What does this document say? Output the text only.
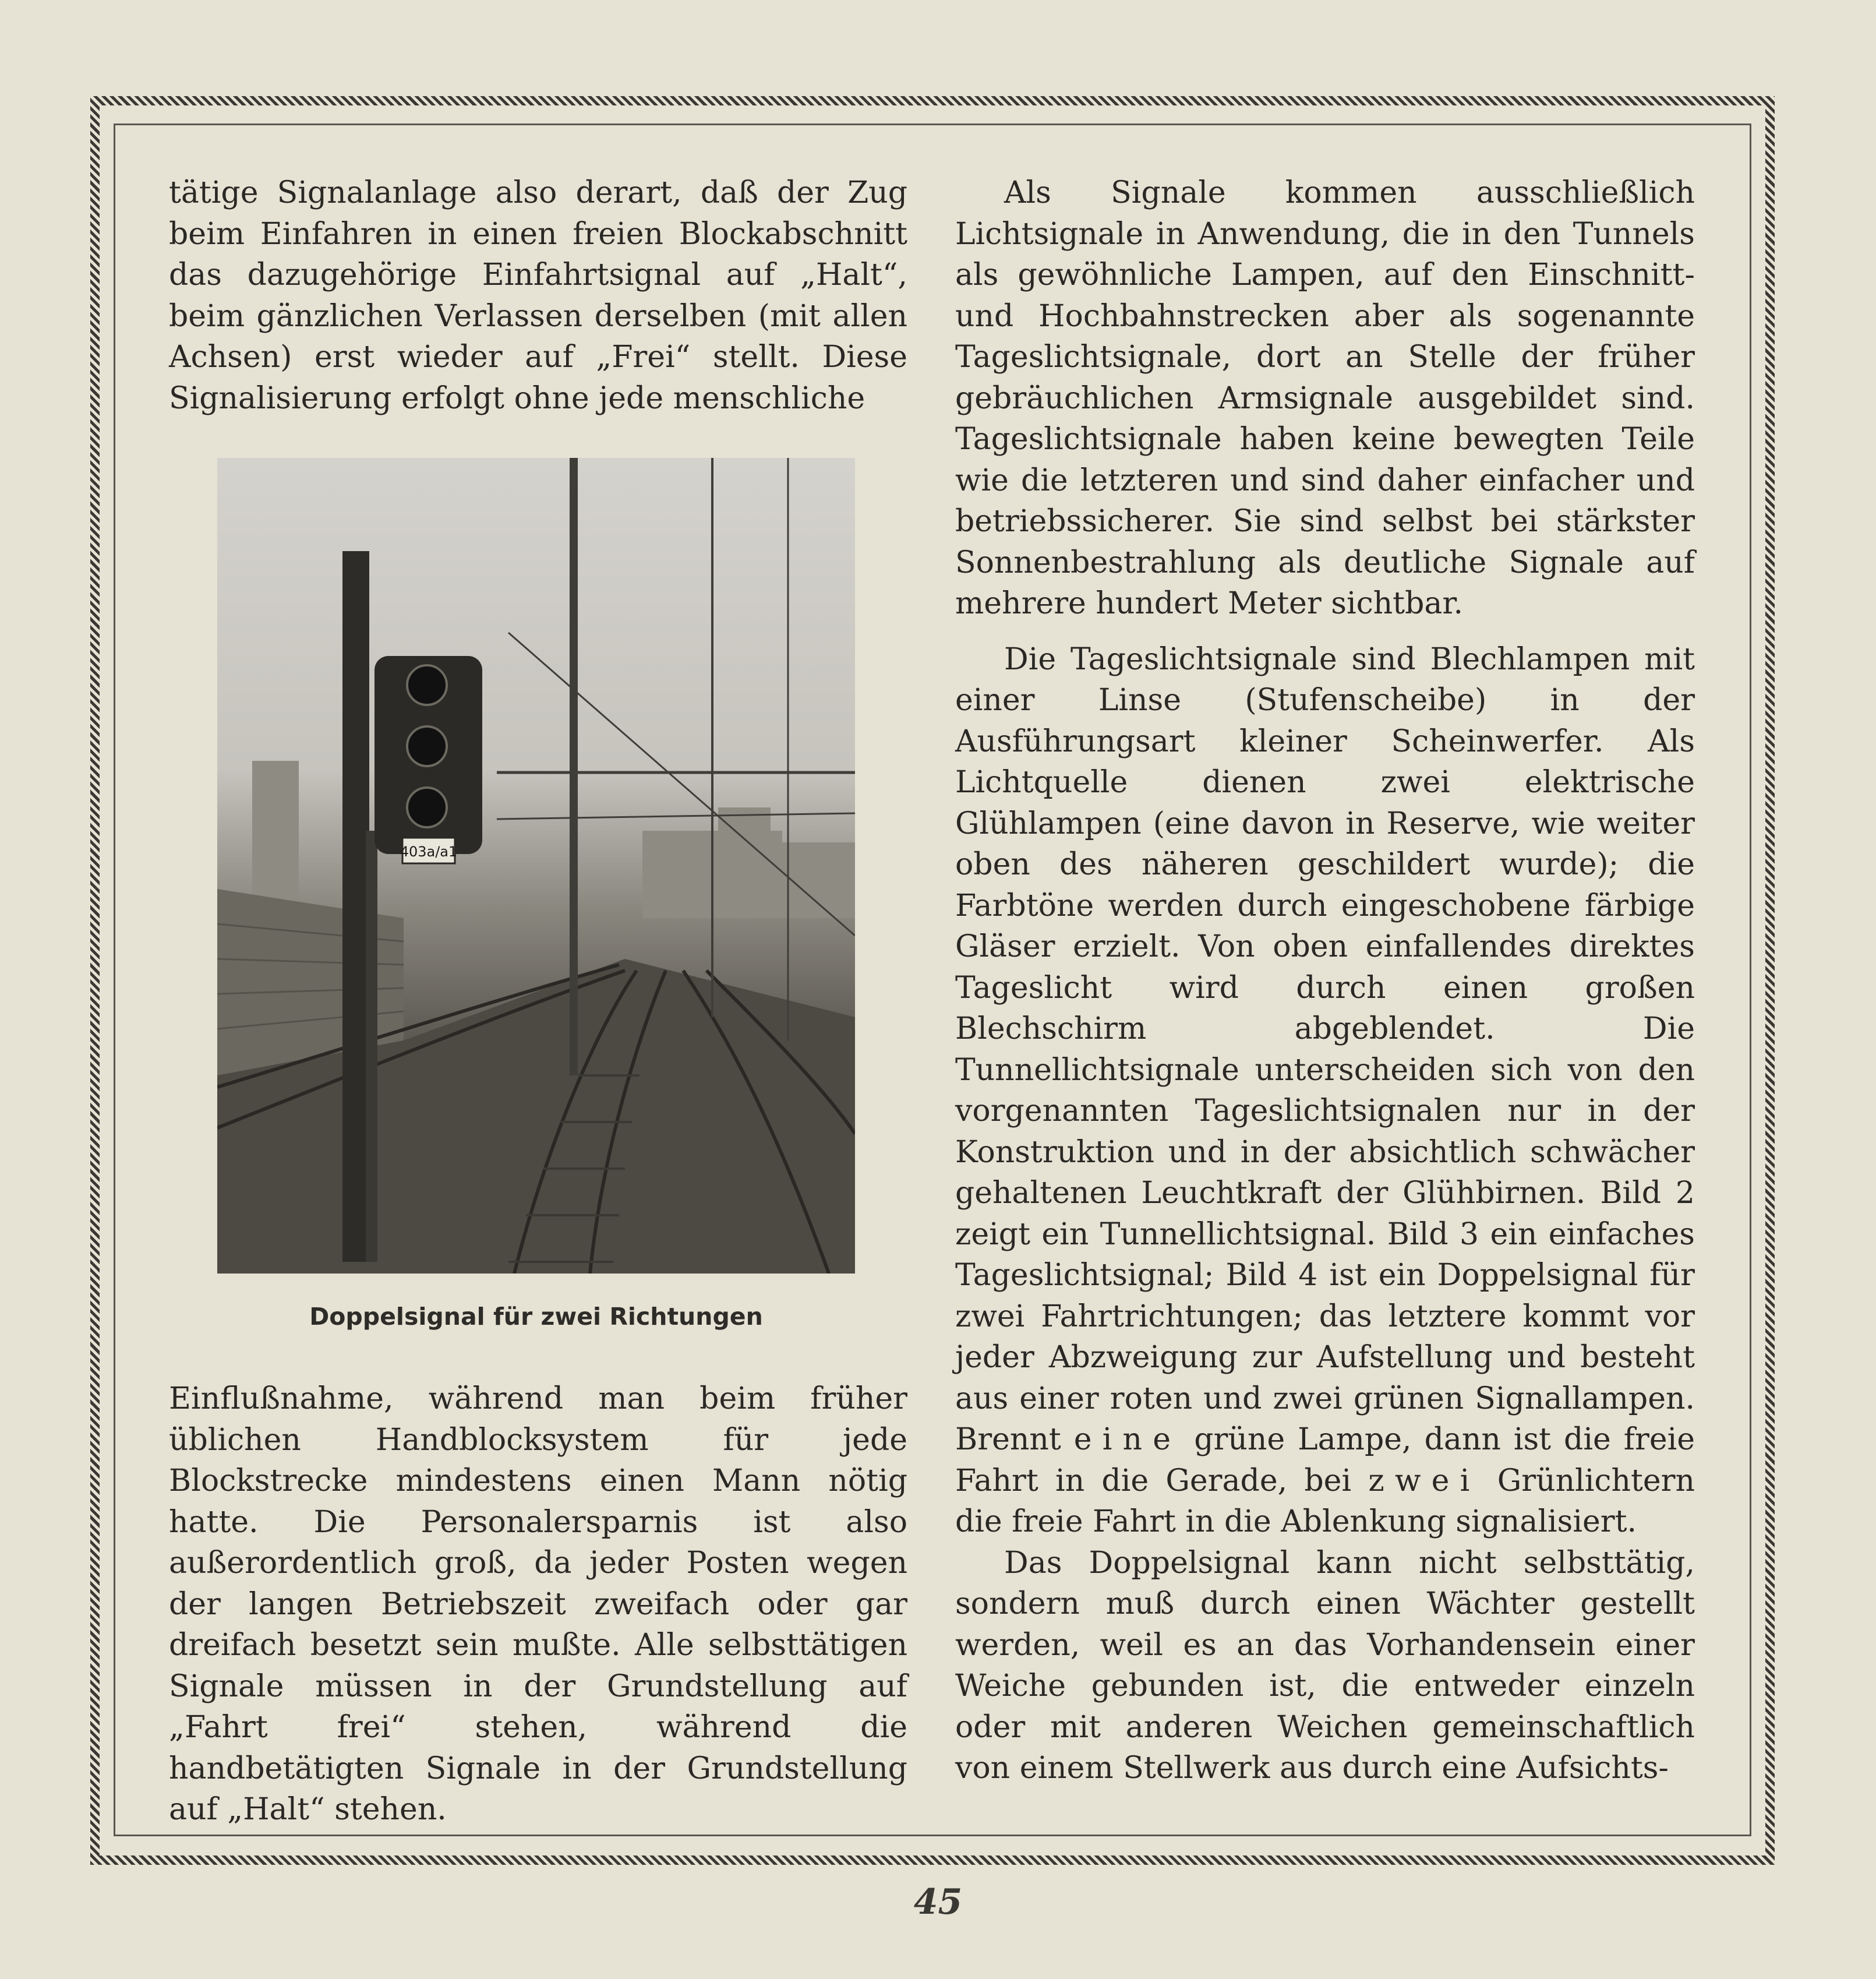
tätige Signalanlage also derart, daß der Zug beim Einfahren in einen freien Blockabschnitt das dazugehörige Einfahrtsignal auf „Halt“, beim gänzlichen Verlassen derselben (mit allen Achsen) erst wieder auf „Frei“ stellt. Diese Signalisierung erfolgt ohne jede menschliche

403a/a1
Doppelsignal für zwei Richtungen

Einflußnahme, während man beim früher üblichen Handblocksystem für jede Blockstrecke mindestens einen Mann nötig hatte. Die Personalersparnis ist also außerordentlich groß, da jeder Posten wegen der langen Betriebszeit zweifach oder gar dreifach besetzt sein mußte. Alle selbsttätigen Signale müssen in der Grundstellung auf „Fahrt frei“ stehen, während die handbetätigten Signale in der Grundstellung auf „Halt“ stehen.

Als Signale kommen ausschließlich Lichtsignale in Anwendung, die in den Tunnels als gewöhnliche Lampen, auf den Einschnitt- und Hochbahnstrecken aber als sogenannte Tageslichtsignale, dort an Stelle der früher gebräuchlichen Armsignale ausgebildet sind. Tageslichtsignale haben keine bewegten Teile wie die letzteren und sind daher einfacher und betriebssicherer. Sie sind selbst bei stärkster Sonnenbestrahlung als deutliche Signale auf mehrere hundert Meter sichtbar.

Die Tageslichtsignale sind Blechlampen mit einer Linse (Stufenscheibe) in der Ausführungsart kleiner Scheinwerfer. Als Lichtquelle dienen zwei elektrische Glühlampen (eine davon in Reserve, wie weiter oben des näheren geschildert wurde); die Farbtöne werden durch eingeschobene färbige Gläser erzielt. Von oben einfallendes direktes Tageslicht wird durch einen großen Blechschirm abgeblendet. Die Tunnellichtsignale unterscheiden sich von den vorgenannten Tageslichtsignalen nur in der Konstruktion und in der absichtlich schwächer gehaltenen Leuchtkraft der Glühbirnen. Bild 2 zeigt ein Tunnellichtsignal. Bild 3 ein einfaches Tageslichtsignal; Bild 4 ist ein Doppelsignal für zwei Fahrtrichtungen; das letztere kommt vor jeder Abzweigung zur Aufstellung und besteht aus einer roten und zwei grünen Signallampen. Brennt eine grüne Lampe, dann ist die freie Fahrt in die Gerade, bei zwei Grünlichtern die freie Fahrt in die Ablenkung signalisiert.

Das Doppelsignal kann nicht selbsttätig, sondern muß durch einen Wächter gestellt werden, weil es an das Vorhandensein einer Weiche gebunden ist, die entweder einzeln oder mit anderen Weichen gemeinschaftlich von einem Stellwerk aus durch eine Aufsichts-

45
